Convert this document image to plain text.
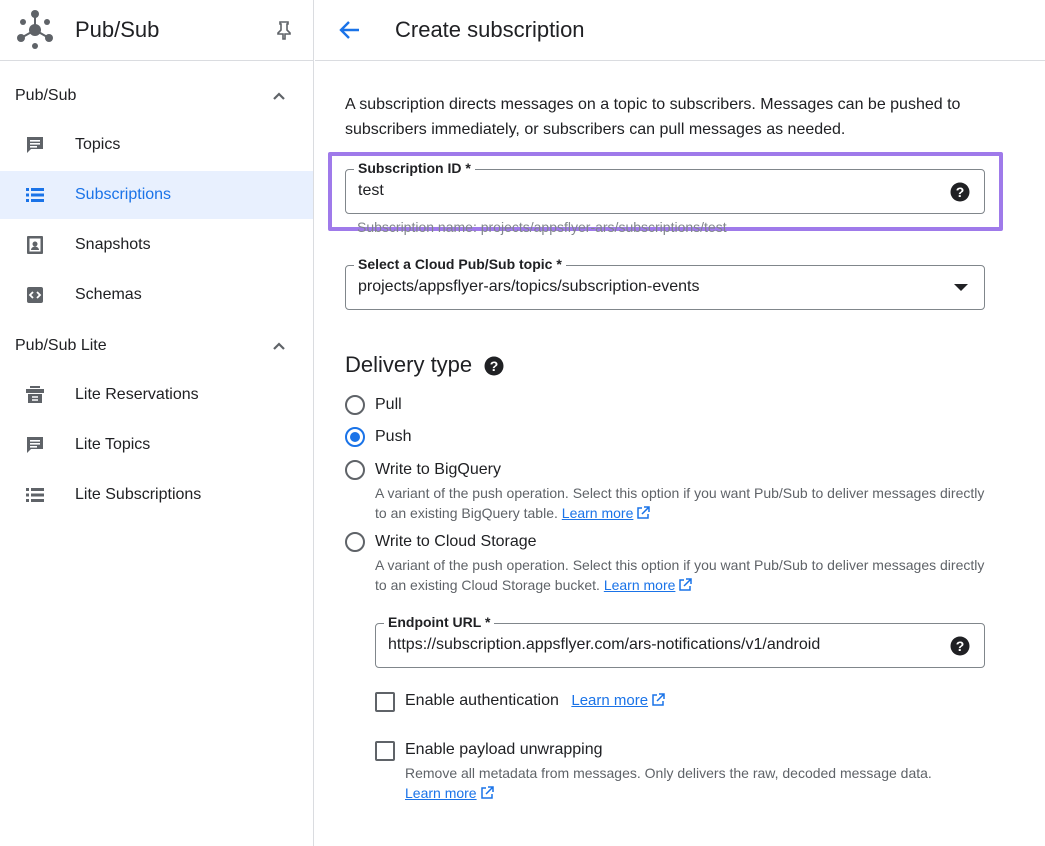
Pub/Sub
Pub/Sub
Topics
Subscriptions
Snapshots
Schemas
Pub/Sub Lite
Lite Reservations
Lite Topics
Lite Subscriptions
Create subscription

A subscription directs messages on a topic to subscribers. Messages can be pushed to subscribers immediately, or subscribers can pull messages as needed.

Subscription ID *
test	?
Subscription name: projects/appsflyer-ars/subscriptions/test
Select a Cloud Pub/Sub topic *
projects/appsflyer-ars/topics/subscription-events
Delivery type ?
Pull
Push
Write to BigQuery
A variant of the push operation. Select this option if you want Pub/Sub to deliver messages directly to an existing BigQuery table. Learn more
Write to Cloud Storage
A variant of the push operation. Select this option if you want Pub/Sub to deliver messages directly to an existing Cloud Storage bucket. Learn more
Endpoint URL *
https://subscription.appsflyer.com/ars-notifications/v1/android	?
Enable authentication Learn more
Enable payload unwrapping
Remove all metadata from messages. Only delivers the raw, decoded message data.
Learn more
